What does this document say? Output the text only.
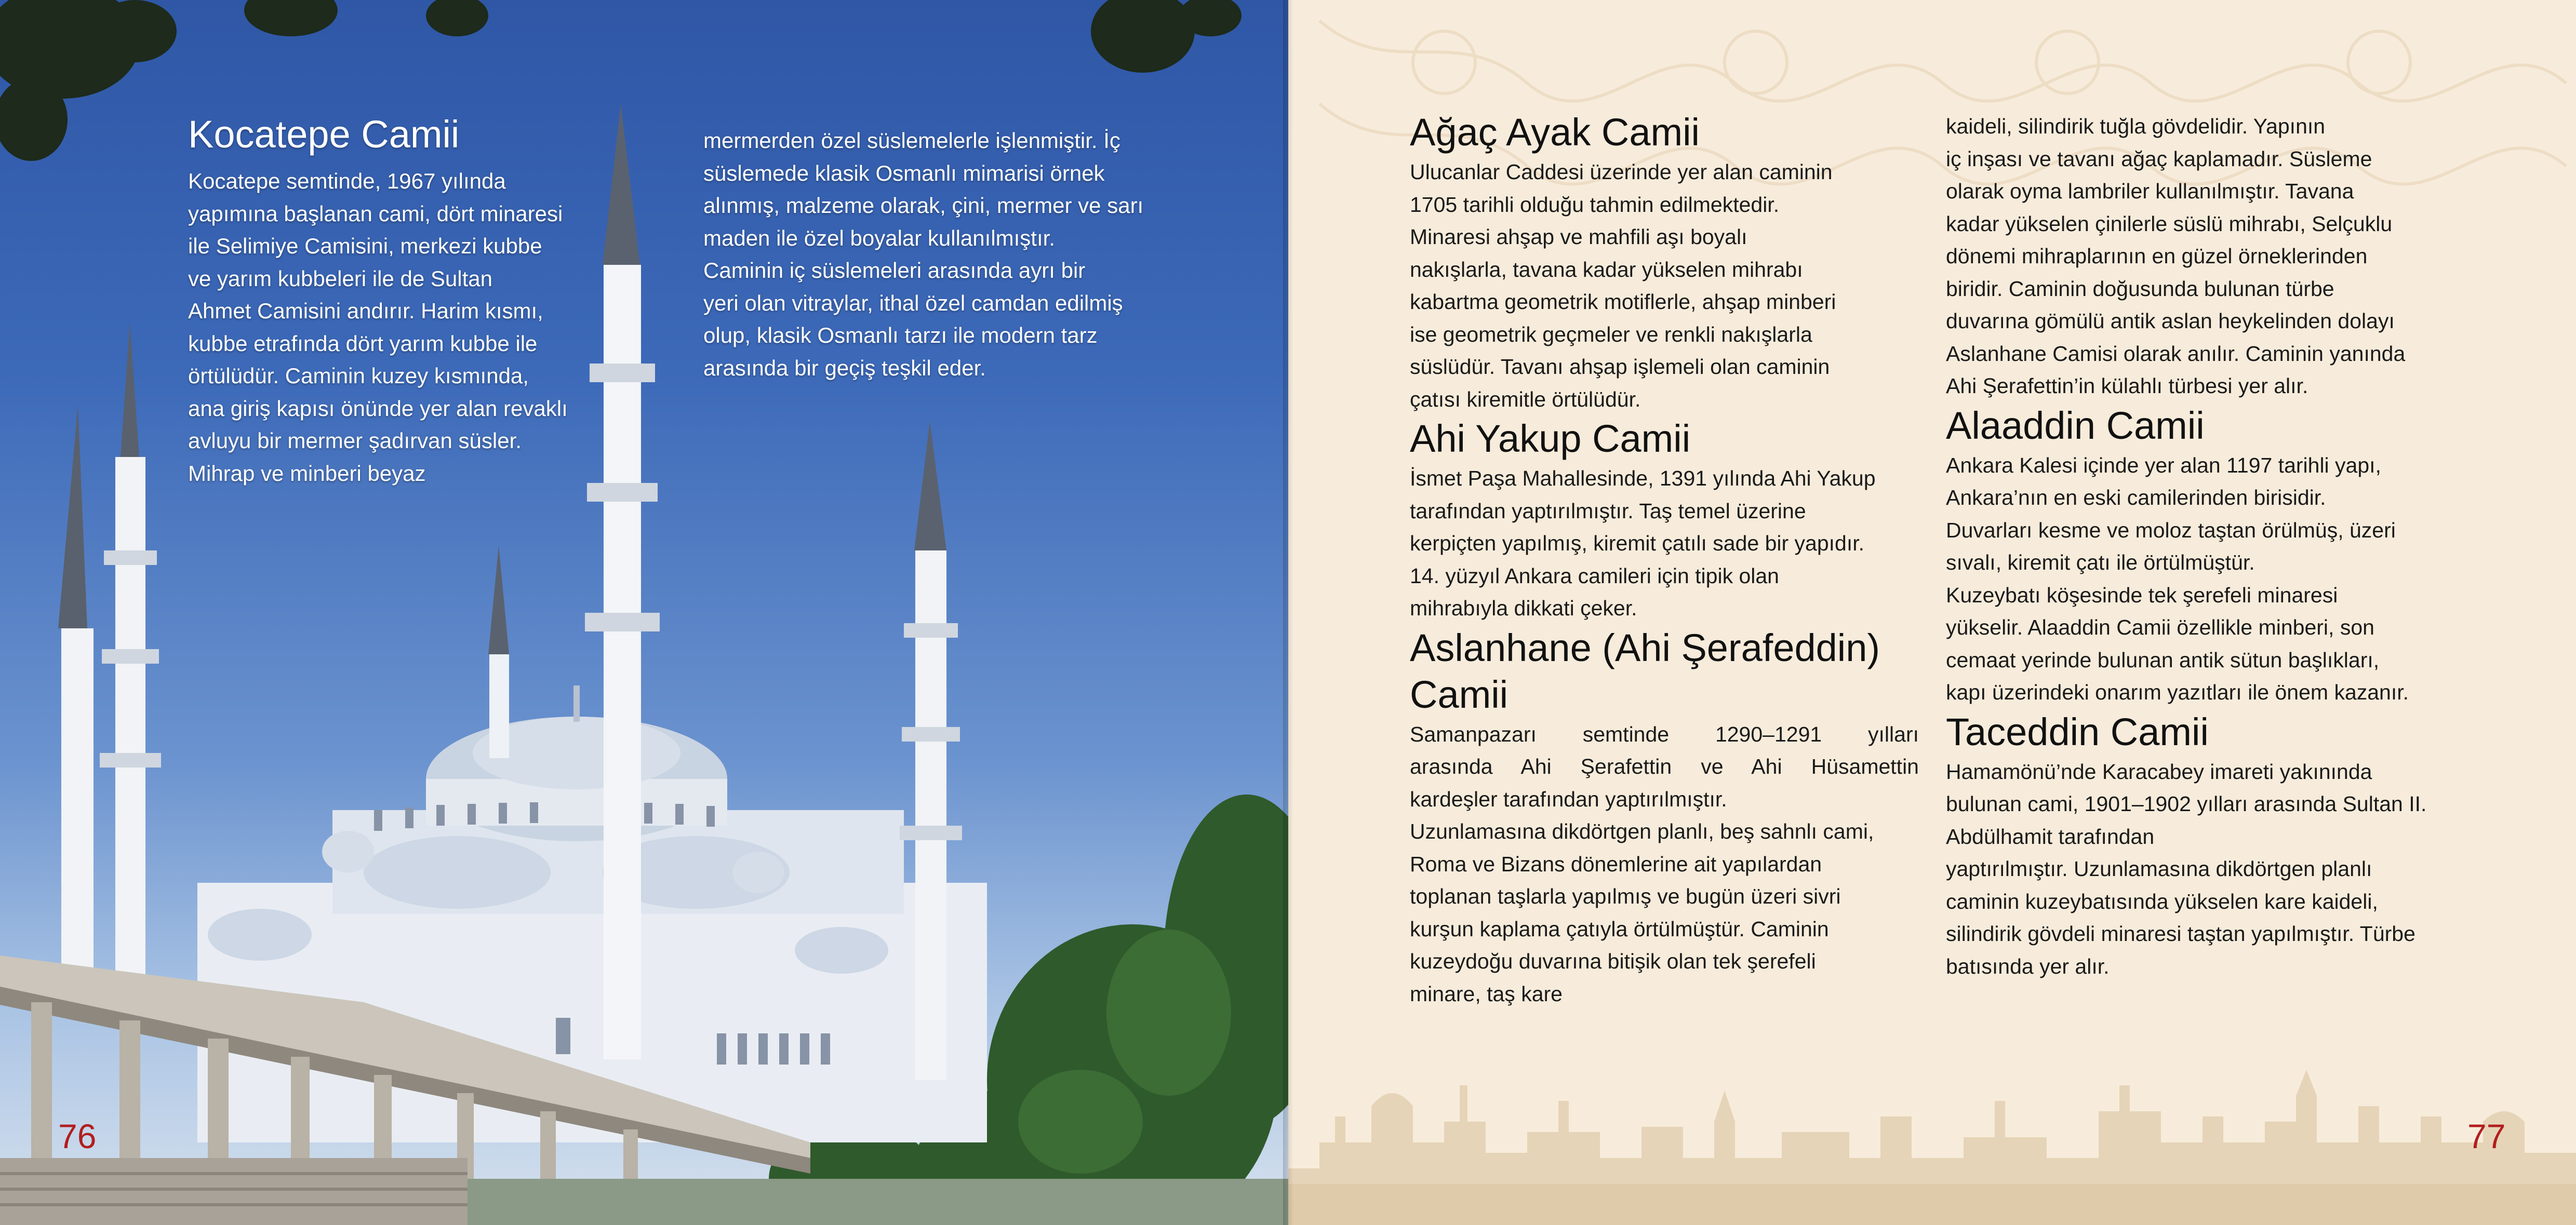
Kocatepe Camii

Kocatepe semtinde, 1967 yılında

yapımına başlanan cami, dört minaresi

ile Selimiye Camisini, merkezi kubbe

ve yarım kubbeleri ile de Sultan

Ahmet Camisini andırır. Harim kısmı,

kubbe etrafında dört yarım kubbe ile

örtülüdür. Caminin kuzey kısmında,

ana giriş kapısı önünde yer alan revaklı

avluyu bir mermer şadırvan süsler.

Mihrap ve minberi beyaz

mermerden özel süslemelerle işlenmiştir. İç

süslemede klasik Osmanlı mimarisi örnek

alınmış, malzeme olarak, çini, mermer ve sarı

maden ile özel boyalar kullanılmıştır.

Caminin iç süslemeleri arasında ayrı bir

yeri olan vitraylar, ithal özel camdan edilmiş

olup, klasik Osmanlı tarzı ile modern tarz

arasında bir geçiş teşkil eder.

76
Ağaç Ayak Camii

Ulucanlar Caddesi üzerinde yer alan caminin

1705 tarihli olduğu tahmin edilmektedir.

Minaresi ahşap ve mahfili aşı boyalı

nakışlarla, tavana kadar yükselen mihrabı

kabartma geometrik motiflerle, ahşap minberi

ise geometrik geçmeler ve renkli nakışlarla

süslüdür. Tavanı ahşap işlemeli olan caminin

çatısı kiremitle örtülüdür.

Ahi Yakup Camii

İsmet Paşa Mahallesinde, 1391 yılında Ahi Yakup

tarafından yaptırılmıştır. Taş temel üzerine

kerpiçten yapılmış, kiremit çatılı sade bir yapıdır.

14. yüzyıl Ankara camileri için tipik olan

mihrabıyla dikkati çeker.

Aslanhane (Ahi Şerafeddin)
Camii

Samanpazarı semtinde 1290–1291 yılları

arasında Ahi Şerafettin ve Ahi Hüsamettin

kardeşler tarafından yaptırılmıştır.

Uzunlamasına dikdörtgen planlı, beş sahnlı cami,

Roma ve Bizans dönemlerine ait yapılardan

toplanan taşlarla yapılmış ve bugün üzeri sivri

kurşun kaplama çatıyla örtülmüştür. Caminin

kuzeydoğu duvarına bitişik olan tek şerefeli

minare, taş kare

kaideli, silindirik tuğla gövdelidir. Yapının

iç inşası ve tavanı ağaç kaplamadır. Süsleme

olarak oyma lambriler kullanılmıştır. Tavana

kadar yükselen çinilerle süslü mihrabı, Selçuklu

dönemi mihraplarının en güzel örneklerinden

biridir. Caminin doğusunda bulunan türbe

duvarına gömülü antik aslan heykelinden dolayı

Aslanhane Camisi olarak anılır. Caminin yanında

Ahi Şerafettin’in külahlı türbesi yer alır.

Alaaddin Camii

Ankara Kalesi içinde yer alan 1197 tarihli yapı,

Ankara’nın en eski camilerinden birisidir.

Duvarları kesme ve moloz taştan örülmüş, üzeri

sıvalı, kiremit çatı ile örtülmüştür.

Kuzeybatı köşesinde tek şerefeli minaresi

yükselir. Alaaddin Camii özellikle minberi, son

cemaat yerinde bulunan antik sütun başlıkları,

kapı üzerindeki onarım yazıtları ile önem kazanır.

Taceddin Camii

Hamamönü’nde Karacabey imareti yakınında

bulunan cami, 1901–1902 yılları arasında Sultan II.

Abdülhamit tarafından

yaptırılmıştır. Uzunlamasına dikdörtgen planlı

caminin kuzeybatısında yükselen kare kaideli,

silindirik gövdeli minaresi taştan yapılmıştır. Türbe

batısında yer alır.

77
